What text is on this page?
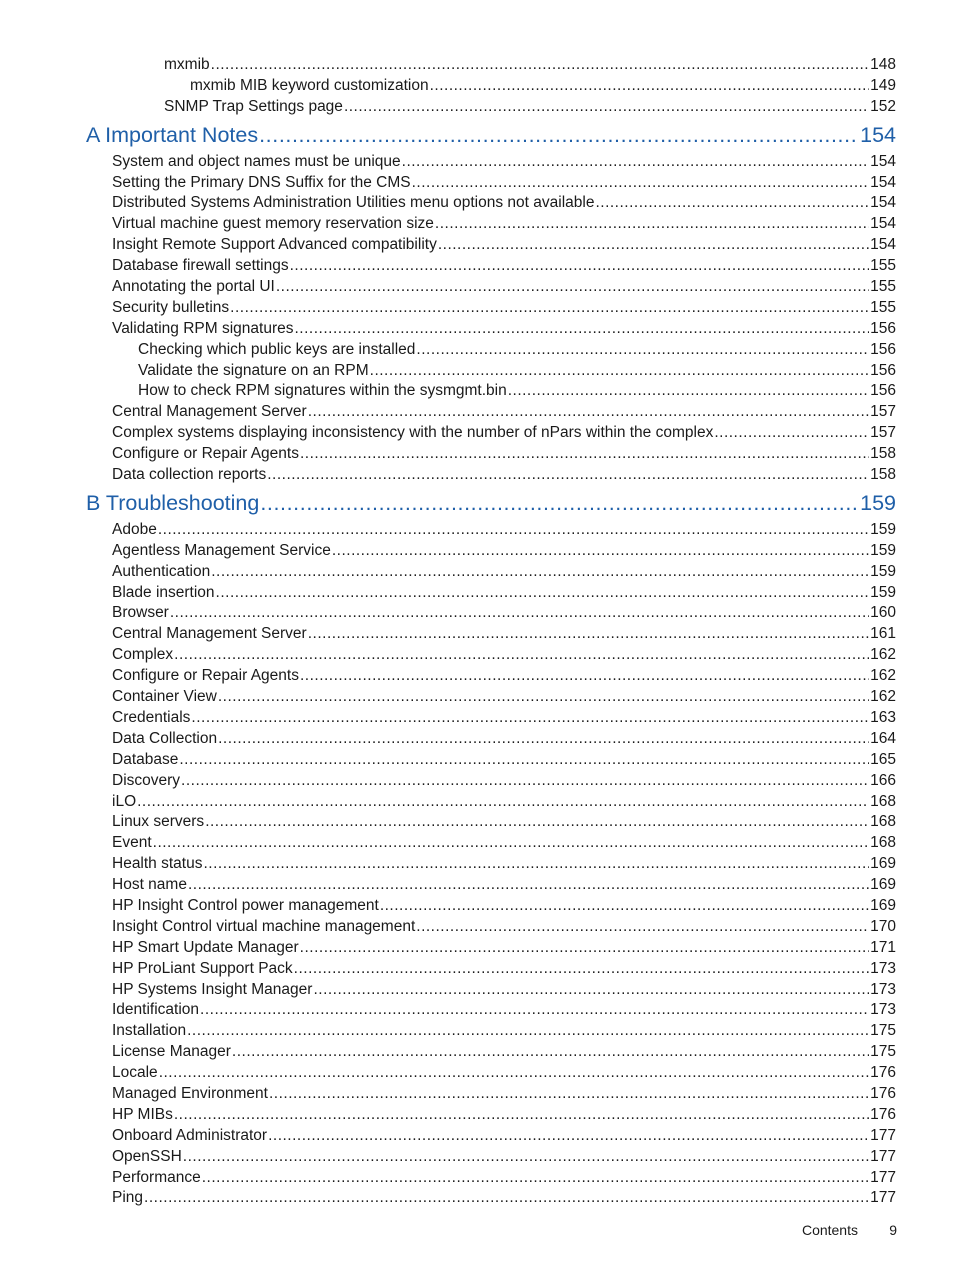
mxmib .....	148
mxmib MIB keyword customization .....	149
SNMP Trap Settings page .....	152
A Important Notes .....	154
System and object names must be unique .....	154
Setting the Primary DNS Suffix for the CMS .....	154
Distributed Systems Administration Utilities menu options not available .....	154
Virtual machine guest memory reservation size .....	154
Insight Remote Support Advanced compatibility .....	154
Database firewall settings .....	155
Annotating the portal UI .....	155
Security bulletins .....	155
Validating RPM signatures .....	156
Checking which public keys are installed .....	156
Validate the signature on an RPM .....	156
How to check RPM signatures within the sysmgmt.bin .....	156
Central Management Server .....	157
Complex systems displaying inconsistency with the number of nPars within the complex .....	157
Configure or Repair Agents .....	158
Data collection reports .....	158
B Troubleshooting .....	159
Adobe .....	159
Agentless Management Service .....	159
Authentication .....	159
Blade insertion .....	159
Browser .....	160
Central Management Server .....	161
Complex .....	162
Configure or Repair Agents .....	162
Container View .....	162
Credentials .....	163
Data Collection .....	164
Database .....	165
Discovery .....	166
iLO .....	168
Linux servers .....	168
Event .....	168
Health status .....	169
Host name .....	169
HP Insight Control power management .....	169
Insight Control virtual machine management .....	170
HP Smart Update Manager .....	171
HP ProLiant Support Pack .....	173
HP Systems Insight Manager .....	173
Identification .....	173
Installation .....	175
License Manager .....	175
Locale .....	176
Managed Environment .....	176
HP MIBs .....	176
Onboard Administrator .....	177
OpenSSH .....	177
Performance .....	177
Ping .....	177
Contents 9
